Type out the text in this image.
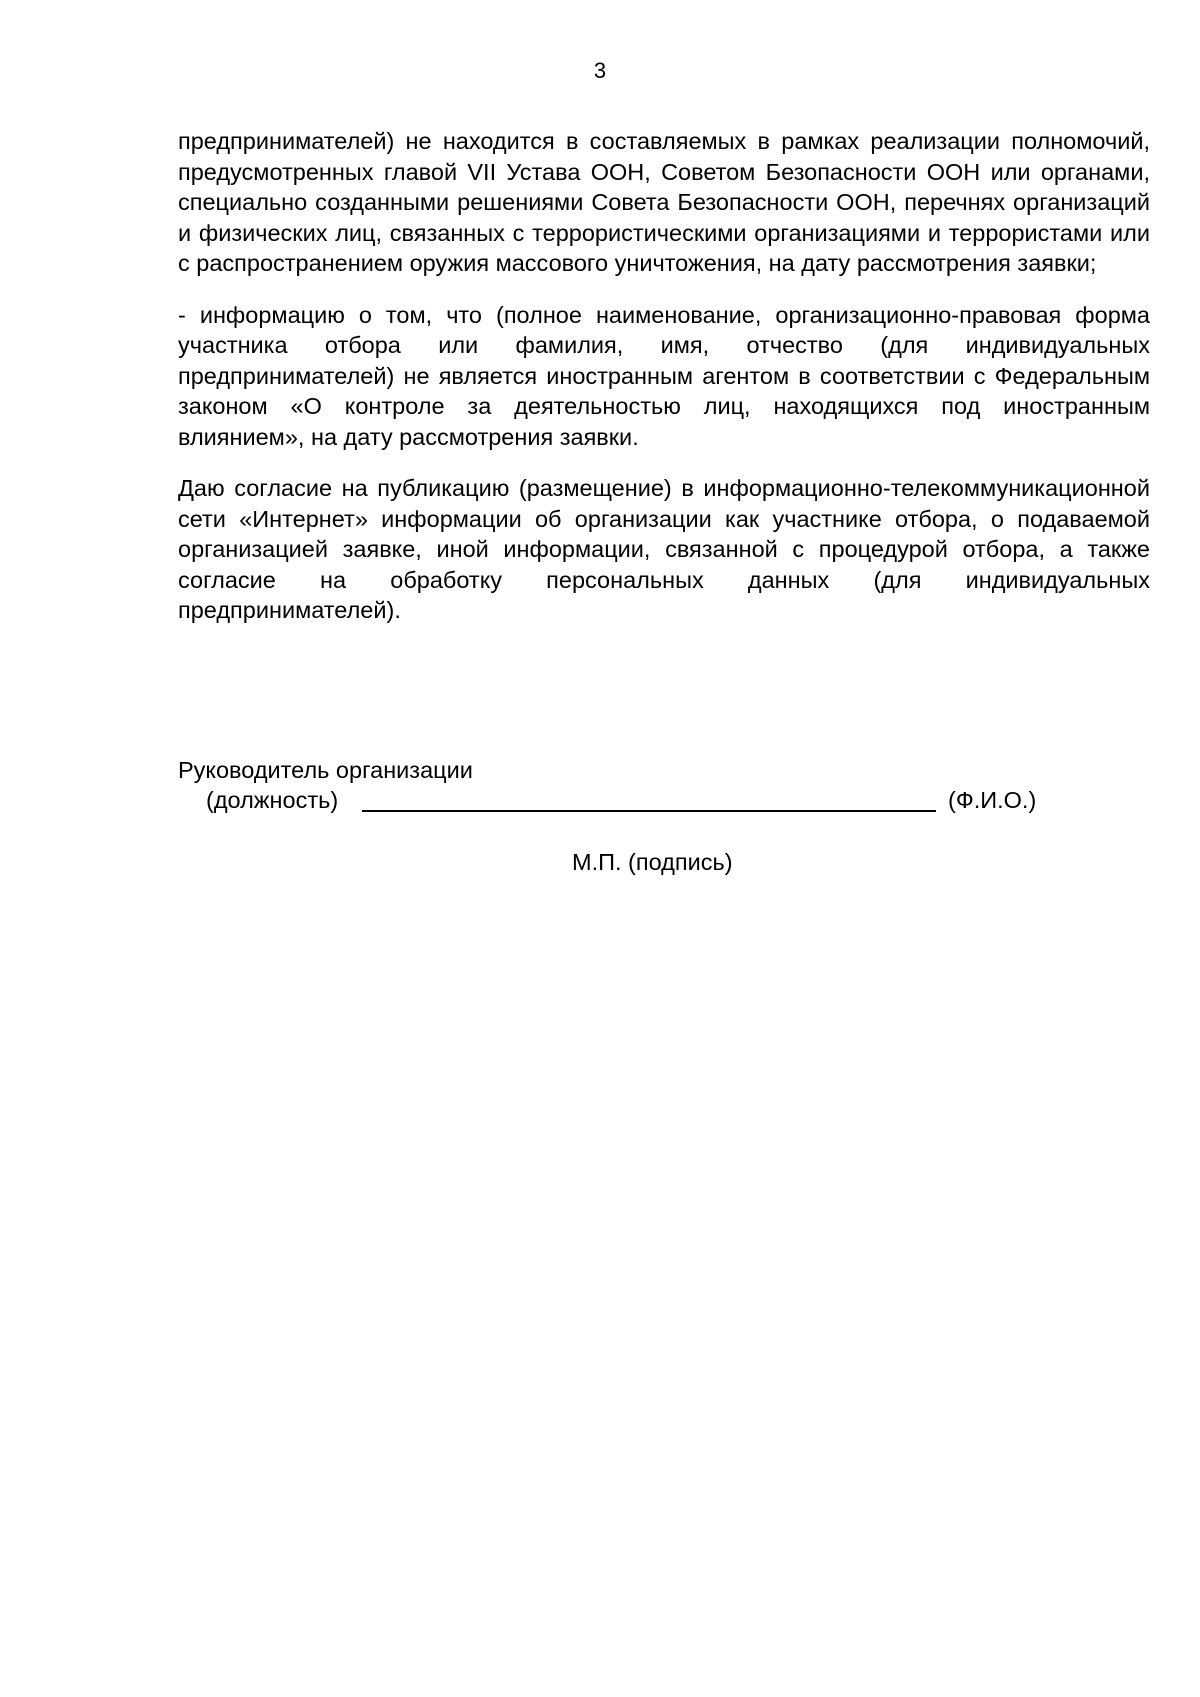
3

предпринимателей) не находится в составляемых в рамках реализации полномочий, предусмотренных главой VII Устава ООН, Советом Безопасности ООН или органами, специально созданными решениями Совета Безопасности ООН, перечнях организаций и физических лиц, связанных с террористическими организациями и террористами или с распространением оружия массового уничтожения, на дату рассмотрения заявки;

- информацию о том, что (полное наименование, организационно-правовая форма участника отбора или фамилия, имя, отчество (для индивидуальных предпринимателей) не является иностранным агентом в соответствии с Федеральным законом «О контроле за деятельностью лиц, находящихся под иностранным влиянием», на дату рассмотрения заявки.

Даю согласие на публикацию (размещение) в информационно-телекоммуникационной сети «Интернет» информации об организации как участнике отбора, о подаваемой организацией заявке, иной информации, связанной с процедурой отбора, а также согласие на обработку персональных данных (для индивидуальных предпринимателей).

Руководитель организации
(должность)	(Ф.И.О.)
М.П. (подпись)
